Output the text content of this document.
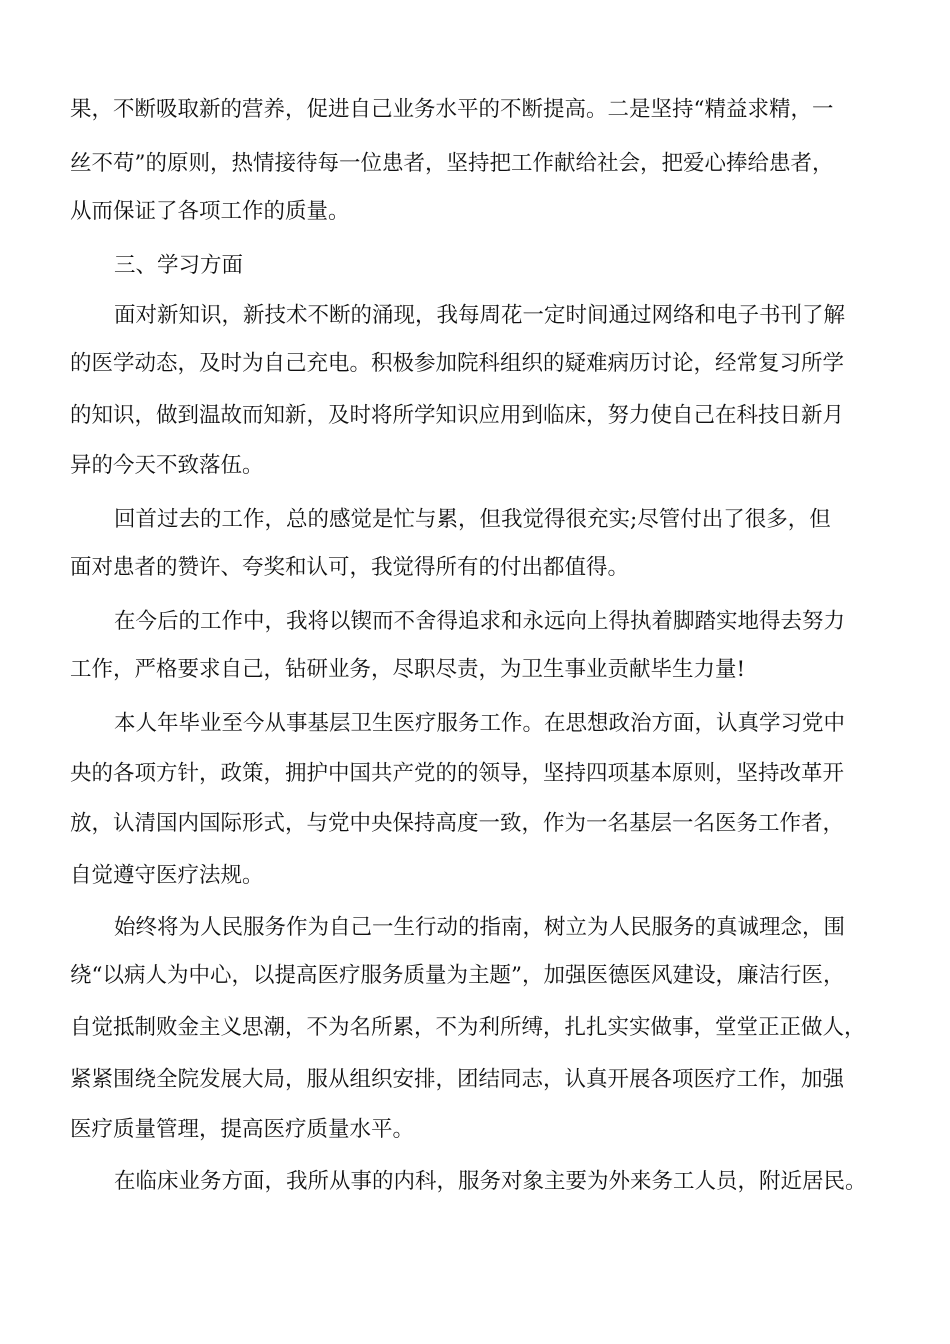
果，不断吸取新的营养，促进自己业务水平的不断提高。二是坚持“精益求精，一
丝不苟”的原则，热情接待每一位患者，坚持把工作献给社会，把爱心捧给患者，
从而保证了各项工作的质量。
三、学习方面
面对新知识，新技术不断的涌现，我每周花一定时间通过网络和电子书刊了解
的医学动态，及时为自己充电。积极参加院科组织的疑难病历讨论，经常复习所学
的知识，做到温故而知新，及时将所学知识应用到临床，努力使自己在科技日新月
异的今天不致落伍。
回首过去的工作，总的感觉是忙与累，但我觉得很充实;尽管付出了很多，但
面对患者的赞许、夸奖和认可，我觉得所有的付出都值得。
在今后的工作中，我将以锲而不舍得追求和永远向上得执着脚踏实地得去努力
工作，严格要求自己，钻研业务，尽职尽责，为卫生事业贡献毕生力量!
本人年毕业至今从事基层卫生医疗服务工作。在思想政治方面，认真学习党中
央的各项方针，政策，拥护中国共产党的的领导，坚持四项基本原则，坚持改革开
放，认清国内国际形式，与党中央保持高度一致，作为一名基层一名医务工作者，
自觉遵守医疗法规。
始终将为人民服务作为自己一生行动的指南，树立为人民服务的真诚理念，围
绕“以病人为中心，以提高医疗服务质量为主题”，加强医德医风建设，廉洁行医，
自觉抵制败金主义思潮，不为名所累，不为利所缚，扎扎实实做事，堂堂正正做人，
紧紧围绕全院发展大局，服从组织安排，团结同志，认真开展各项医疗工作，加强
医疗质量管理，提高医疗质量水平。
在临床业务方面，我所从事的内科，服务对象主要为外来务工人员，附近居民。
